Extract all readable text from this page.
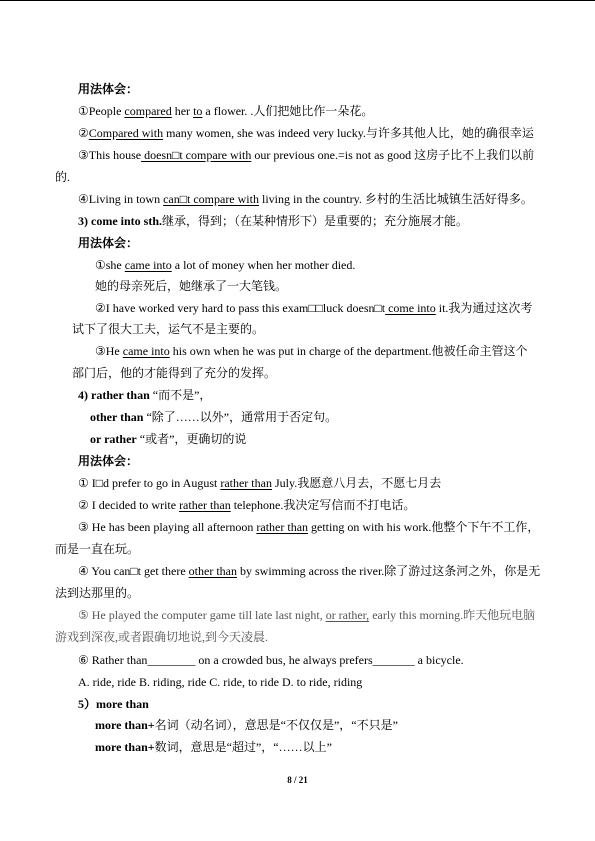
用法体会：
①People compared her to a flower. .人们把她比作一朵花。
②Compared with many women, she was indeed very lucky.与许多其他人比，她的确很幸运
③This house doesn□t compare with our previous one.=is not as good 这房子比不上我们以前
的.
④Living in town can□t compare with living in the country. 乡村的生活比城镇生活好得多。
3) come into sth.继承，得到；（在某种情形下）是重要的；充分施展才能。
用法体会：
①she came into a lot of money when her mother died.
她的母亲死后，她继承了一大笔钱。
②I have worked very hard to pass this exam□□luck doesn□t come into it.我为通过这次考
试下了很大工夫，运气不是主要的。
③He came into his own when he was put in charge of the department.他被任命主管这个
部门后，他的才能得到了充分的发挥。
4) rather than “而不是”，
other than “除了……以外”，通常用于否定句。
or rather “或者”，更确切的说
用法体会：
① I□d prefer to go in August rather than July.我愿意八月去，不愿七月去
② I decided to write rather than telephone.我决定写信而不打电话。
③ He has been playing all afternoon rather than getting on with his work.他整个下午不工作，
而是一直在玩。
④ You can□t get there other than by swimming across the river.除了游过这条河之外，你是无
法到达那里的。
⑤ He played the computer game till late last night, or rather, early this morning.昨天他玩电脑
游戏到深夜,或者跟确切地说,到今天凌晨.
⑥ Rather than________ on a crowded bus, he always prefers_______ a bicycle.
A. ride, ride B. riding, ride C. ride, to ride D. to ride, riding
5）more than
more than+名词（动名词），意思是“不仅仅是”，“不只是”
more than+数词，意思是“超过”，“……以上”
8 / 21
